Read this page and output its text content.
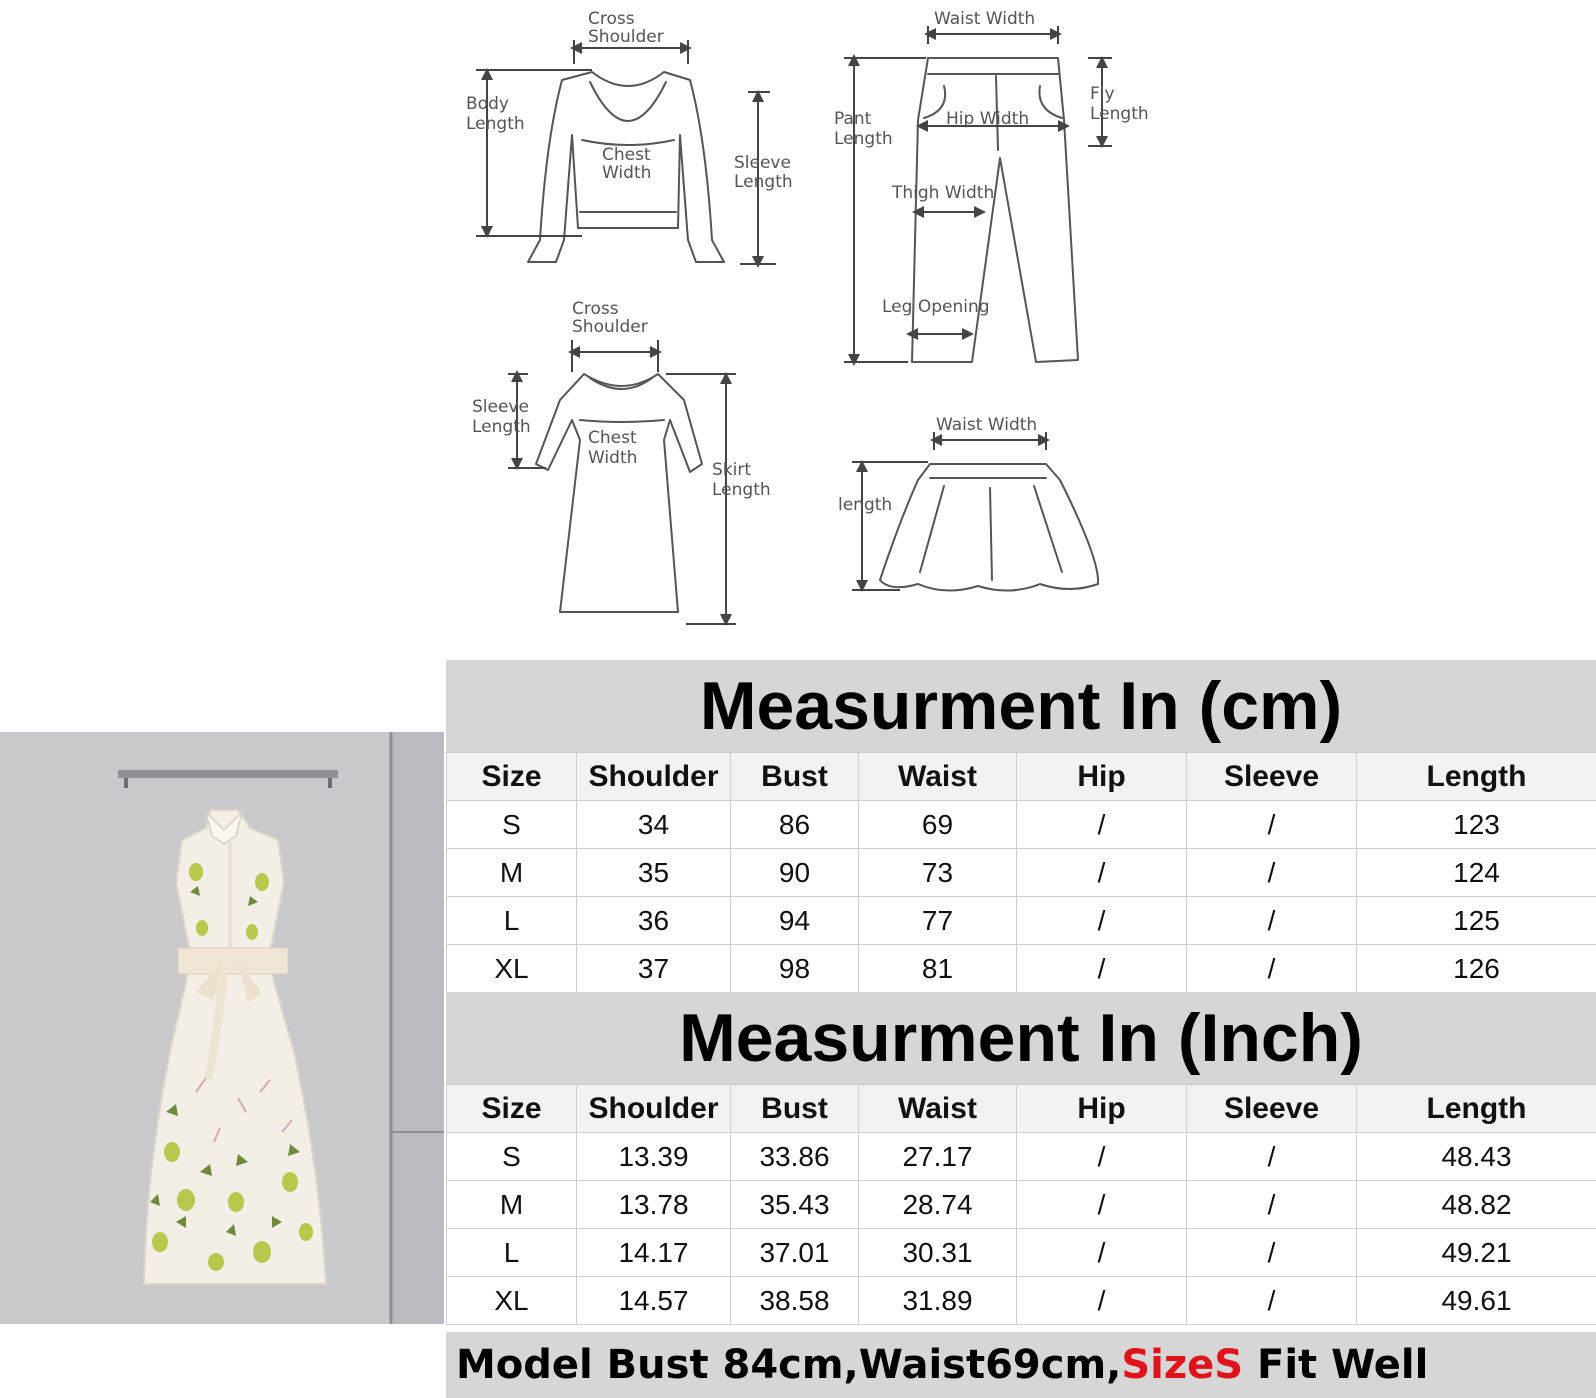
Cross
Shoulder
Body
Length
Chest
Width	Sleeve
Length
Waist Width
Pant
Length
Hip Width
Fly
Length
Thigh Width
Leg Opening
Cross
Shoulder
Sleeve
Length
Chest
Width
Skirt
Length
Waist Width
length
Measurment In (cm)
Size	Shoulder	Bust	Waist	Hip	Sleeve	Length
S	34	86	69	/	/	123
M	35	90	73	/	/	124
L	36	94	77	/	/	125
XL	37	98	81	/	/	126
Measurment In (Inch)
Size	Shoulder	Bust	Waist	Hip	Sleeve	Length
S	13.39	33.86	27.17	/	/	48.43
M	13.78	35.43	28.74	/	/	48.82
L	14.17	37.01	30.31	/	/	49.21
XL	14.57	38.58	31.89	/	/	49.61
Model Bust 84cm,Waist69cm,SizeS Fit Well
